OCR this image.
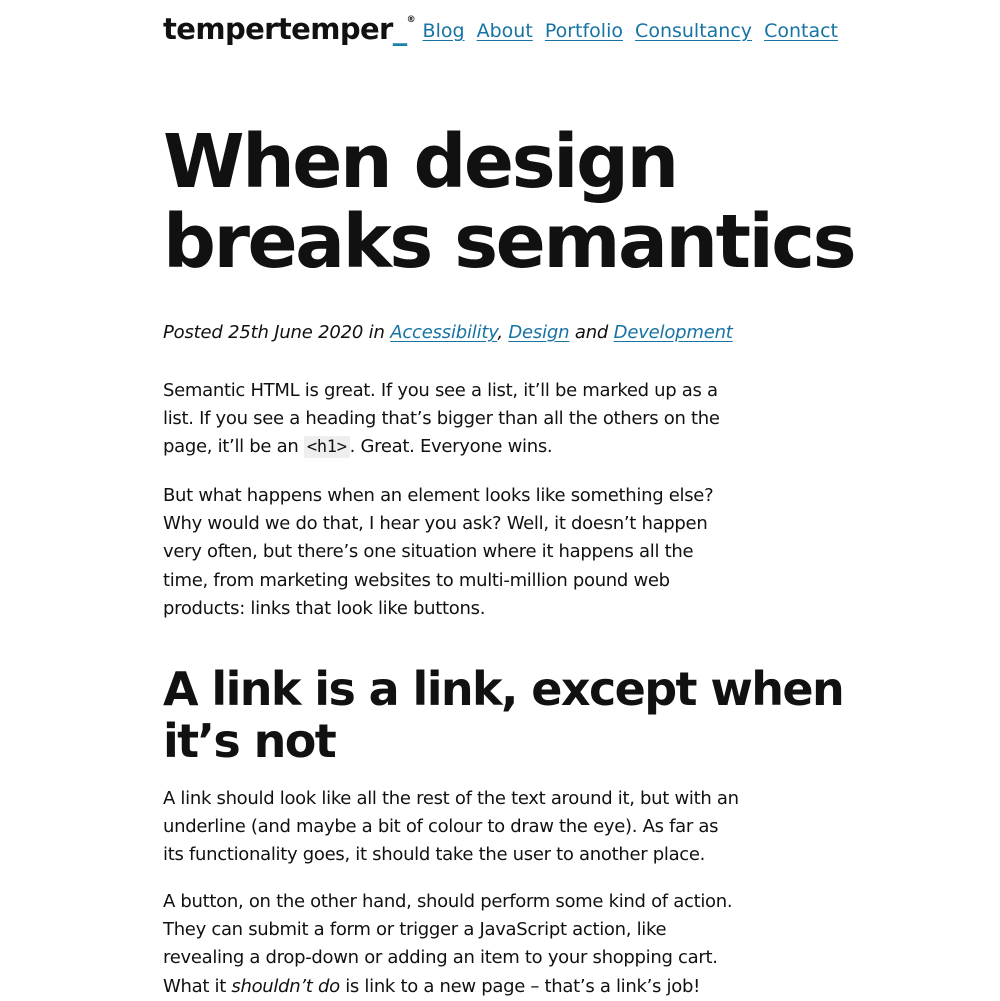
tempertemper_® Blog About Portfolio Consultancy Contact
When design
breaks semantics

Posted 25th June 2020 in Accessibility, Design and Development

Semantic HTML is great. If you see a list, it’ll be marked up as a list. If you see a heading that’s bigger than all the others on the page, it’ll be an <h1> . Great. Everyone wins.

But what happens when an element looks like something else? Why would we do that, I hear you ask? Well, it doesn’t happen very often, but there’s one situation where it happens all the time, from marketing websites to multi-million pound web products: links that look like buttons.

A link is a link, except when it’s not

A link should look like all the rest of the text around it, but with an underline (and maybe a bit of colour to draw the eye). As far as its functionality goes, it should take the user to another place.

A button, on the other hand, should perform some kind of action. They can submit a form or trigger a JavaScript action, like revealing a drop-down or adding an item to your shopping cart. What it shouldn’t do is link to a new page – that’s a link’s job!
